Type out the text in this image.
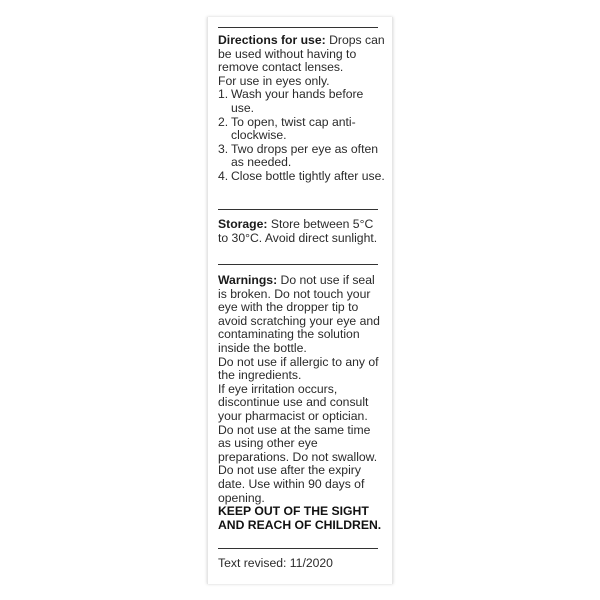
Directions for use: Drops can be used without having to remove contact lenses.

For use in eyes only.

1. Wash your hands before use.
2. To open, twist cap anti-clockwise.
3. Two drops per eye as often as needed.
4. Close bottle tightly after use.

Storage: Store between 5°C to 30°C. Avoid direct sunlight.

Warnings: Do not use if seal is broken. Do not touch your eye with the dropper tip to avoid scratching your eye and contaminating the solution inside the bottle.

Do not use if allergic to any of the ingredients.

If eye irritation occurs, discontinue use and consult your pharmacist or optician.

Do not use at the same time as using other eye preparations. Do not swallow. Do not use after the expiry date. Use within 90 days of opening.

KEEP OUT OF THE SIGHT AND REACH OF CHILDREN.

Text revised: 11/2020
